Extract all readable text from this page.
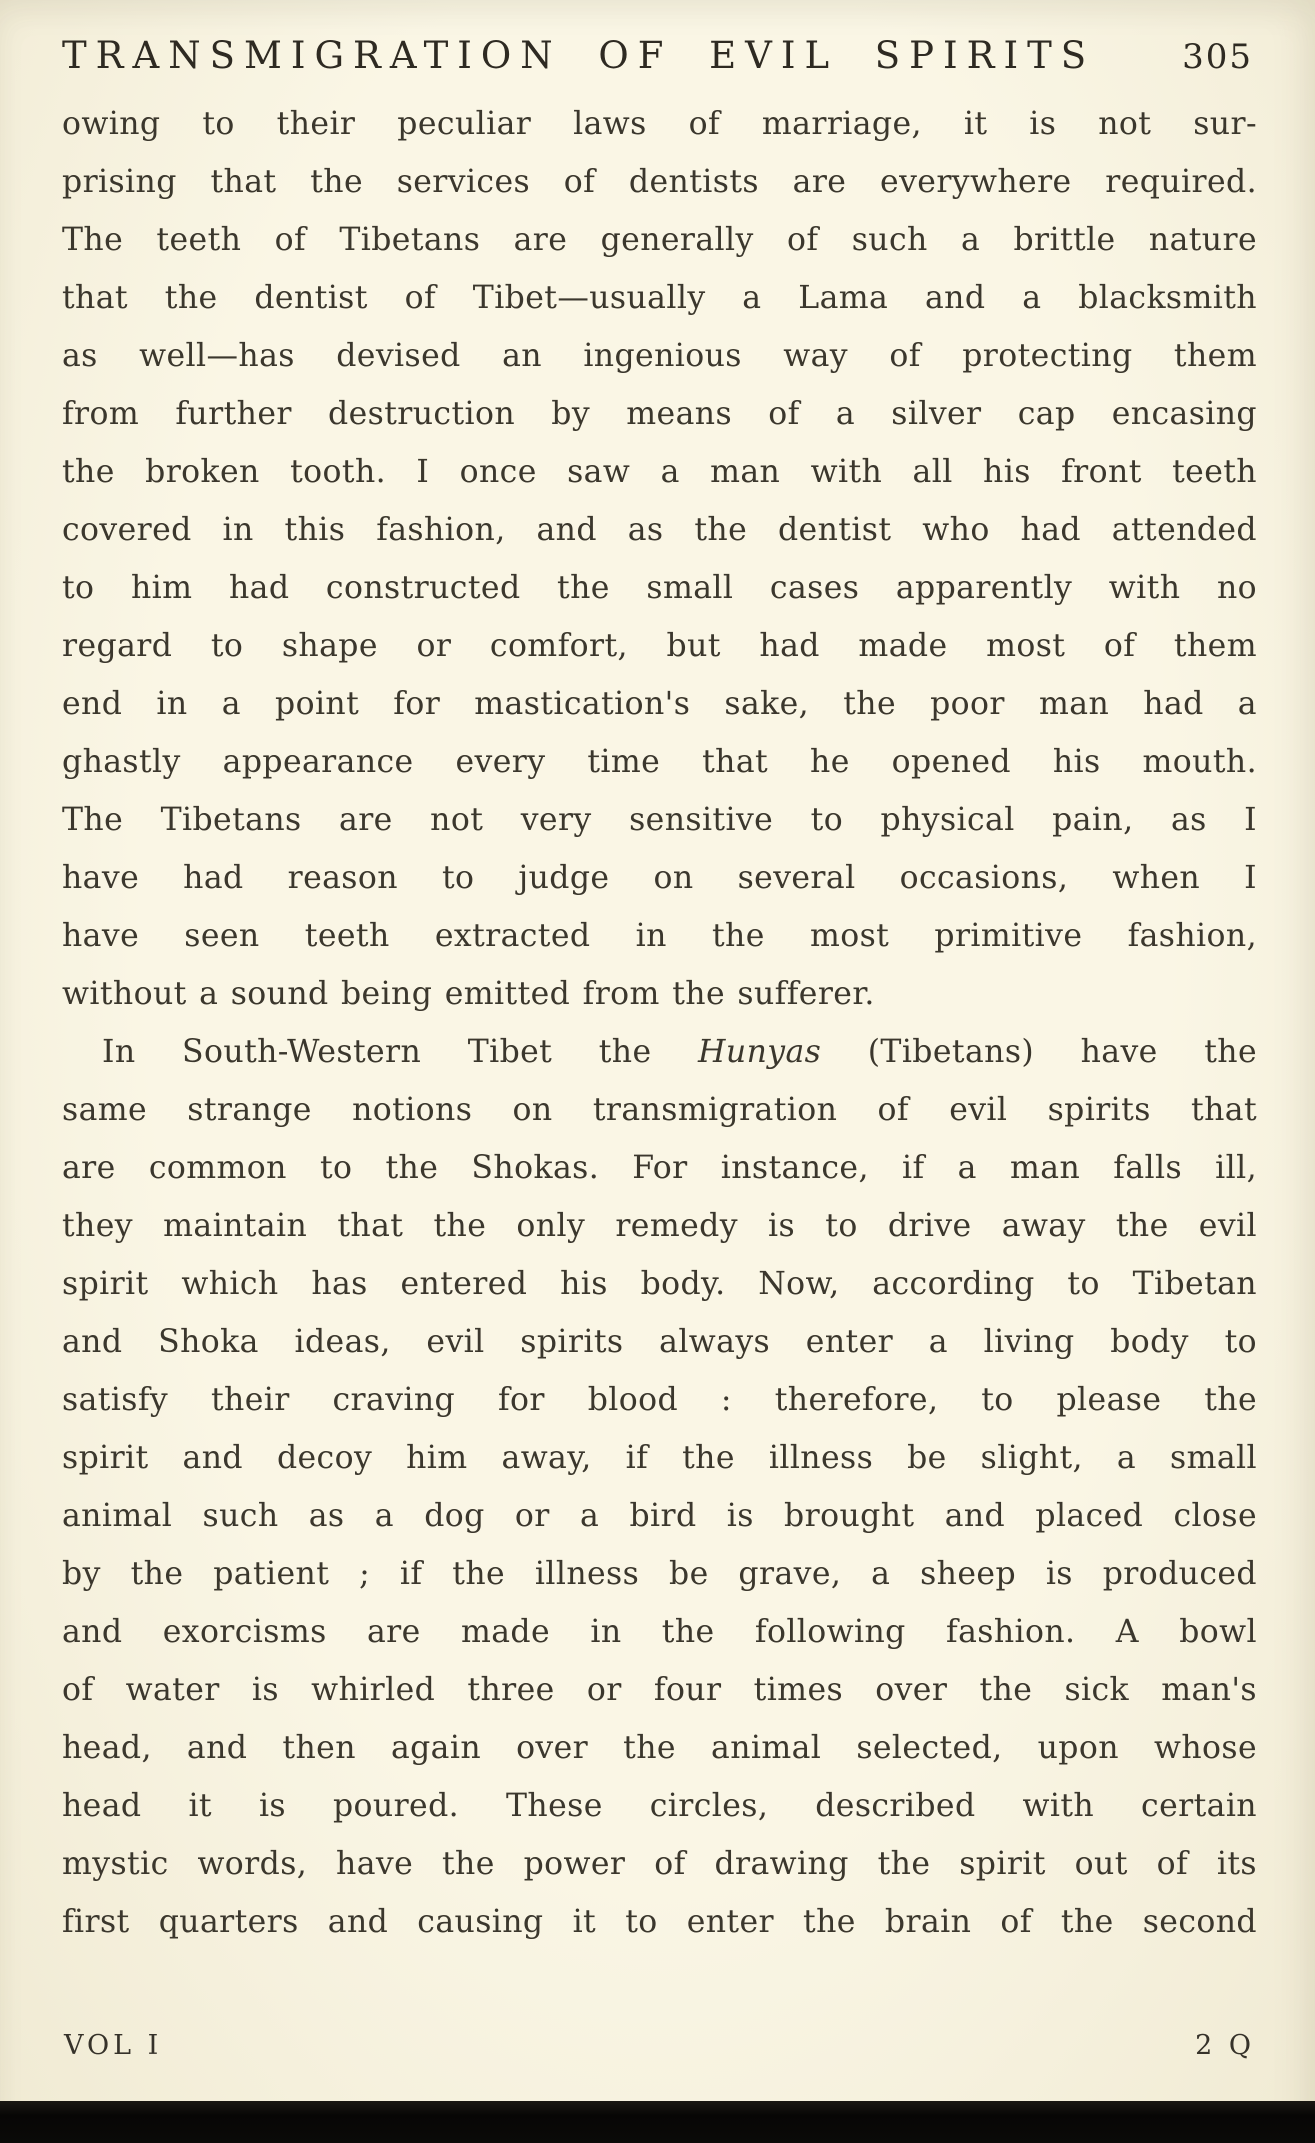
TRANSMIGRATION OF EVIL SPIRITS	305
owing to their peculiar laws of marriage, it is not sur-
prising that the services of dentists are everywhere required.
The teeth of Tibetans are generally of such a brittle nature
that the dentist of Tibet—usually a Lama and a blacksmith
as well—has devised an ingenious way of protecting them
from further destruction by means of a silver cap encasing
the broken tooth. I once saw a man with all his front teeth
covered in this fashion, and as the dentist who had attended
to him had constructed the small cases apparently with no
regard to shape or comfort, but had made most of them
end in a point for mastication's sake, the poor man had a
ghastly appearance every time that he opened his mouth.
The Tibetans are not very sensitive to physical pain, as I
have had reason to judge on several occasions, when I
have seen teeth extracted in the most primitive fashion,
without a sound being emitted from the sufferer.
In South-Western Tibet the Hunyas (Tibetans) have the
same strange notions on transmigration of evil spirits that
are common to the Shokas. For instance, if a man falls ill,
they maintain that the only remedy is to drive away the evil
spirit which has entered his body. Now, according to Tibetan
and Shoka ideas, evil spirits always enter a living body to
satisfy their craving for blood : therefore, to please the
spirit and decoy him away, if the illness be slight, a small
animal such as a dog or a bird is brought and placed close
by the patient ; if the illness be grave, a sheep is produced
and exorcisms are made in the following fashion. A bowl
of water is whirled three or four times over the sick man's
head, and then again over the animal selected, upon whose
head it is poured. These circles, described with certain
mystic words, have the power of drawing the spirit out of its
first quarters and causing it to enter the brain of the second
VOL I	2 Q
